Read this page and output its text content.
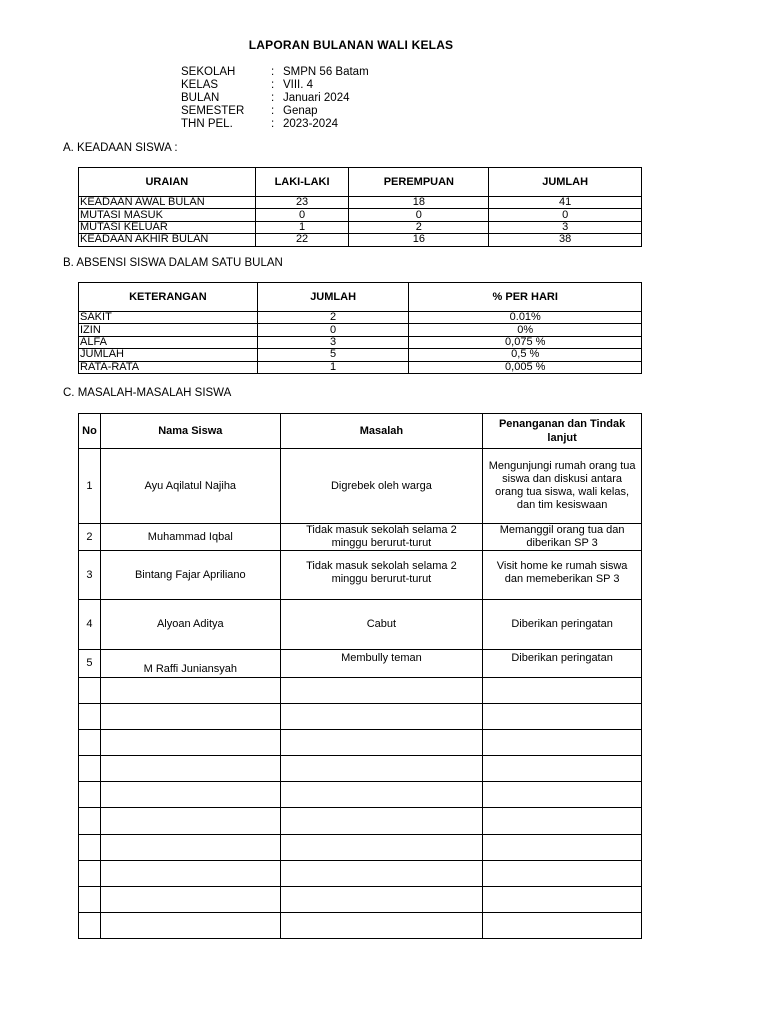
LAPORAN BULANAN WALI KELAS
SEKOLAH	: SMPN 56 Batam
KELAS	: VIII. 4
BULAN	: Januari 2024
SEMESTER	: Genap
THN PEL.	: 2023-2024
A. KEADAAN SISWA :
URAIAN	LAKI-LAKI	PEREMPUAN	JUMLAH
KEADAAN AWAL BULAN	23	18	41
MUTASI MASUK	0	0	0
MUTASI KELUAR	1	2	3
KEADAAN AKHIR BULAN	22	16	38
B. ABSENSI SISWA DALAM SATU BULAN
KETERANGAN	JUMLAH	% PER HARI
SAKIT	2	0.01%
IZIN	0	0%
ALFA	3	0,075 %
JUMLAH	5	0,5 %
RATA-RATA	1	0,005 %
C. MASALAH-MASALAH SISWA
No	Nama Siswa	Masalah	Penanganan dan Tindak lanjut
1	Ayu Aqilatul Najiha	Digrebek oleh warga	Mengunjungi rumah orang tua siswa dan diskusi antara orang tua siswa, wali kelas, dan tim kesiswaan
2	Muhammad Iqbal	Tidak masuk sekolah selama 2 minggu berurut-turut	Memanggil orang tua dan diberikan SP 3
3	Bintang Fajar Apriliano	Tidak masuk sekolah selama 2 minggu berurut-turut	Visit home ke rumah siswa dan memeberikan SP 3
4	Alyoan Aditya	Cabut	Diberikan peringatan
5	M Raffi Juniansyah	Membully teman	Diberikan peringatan
